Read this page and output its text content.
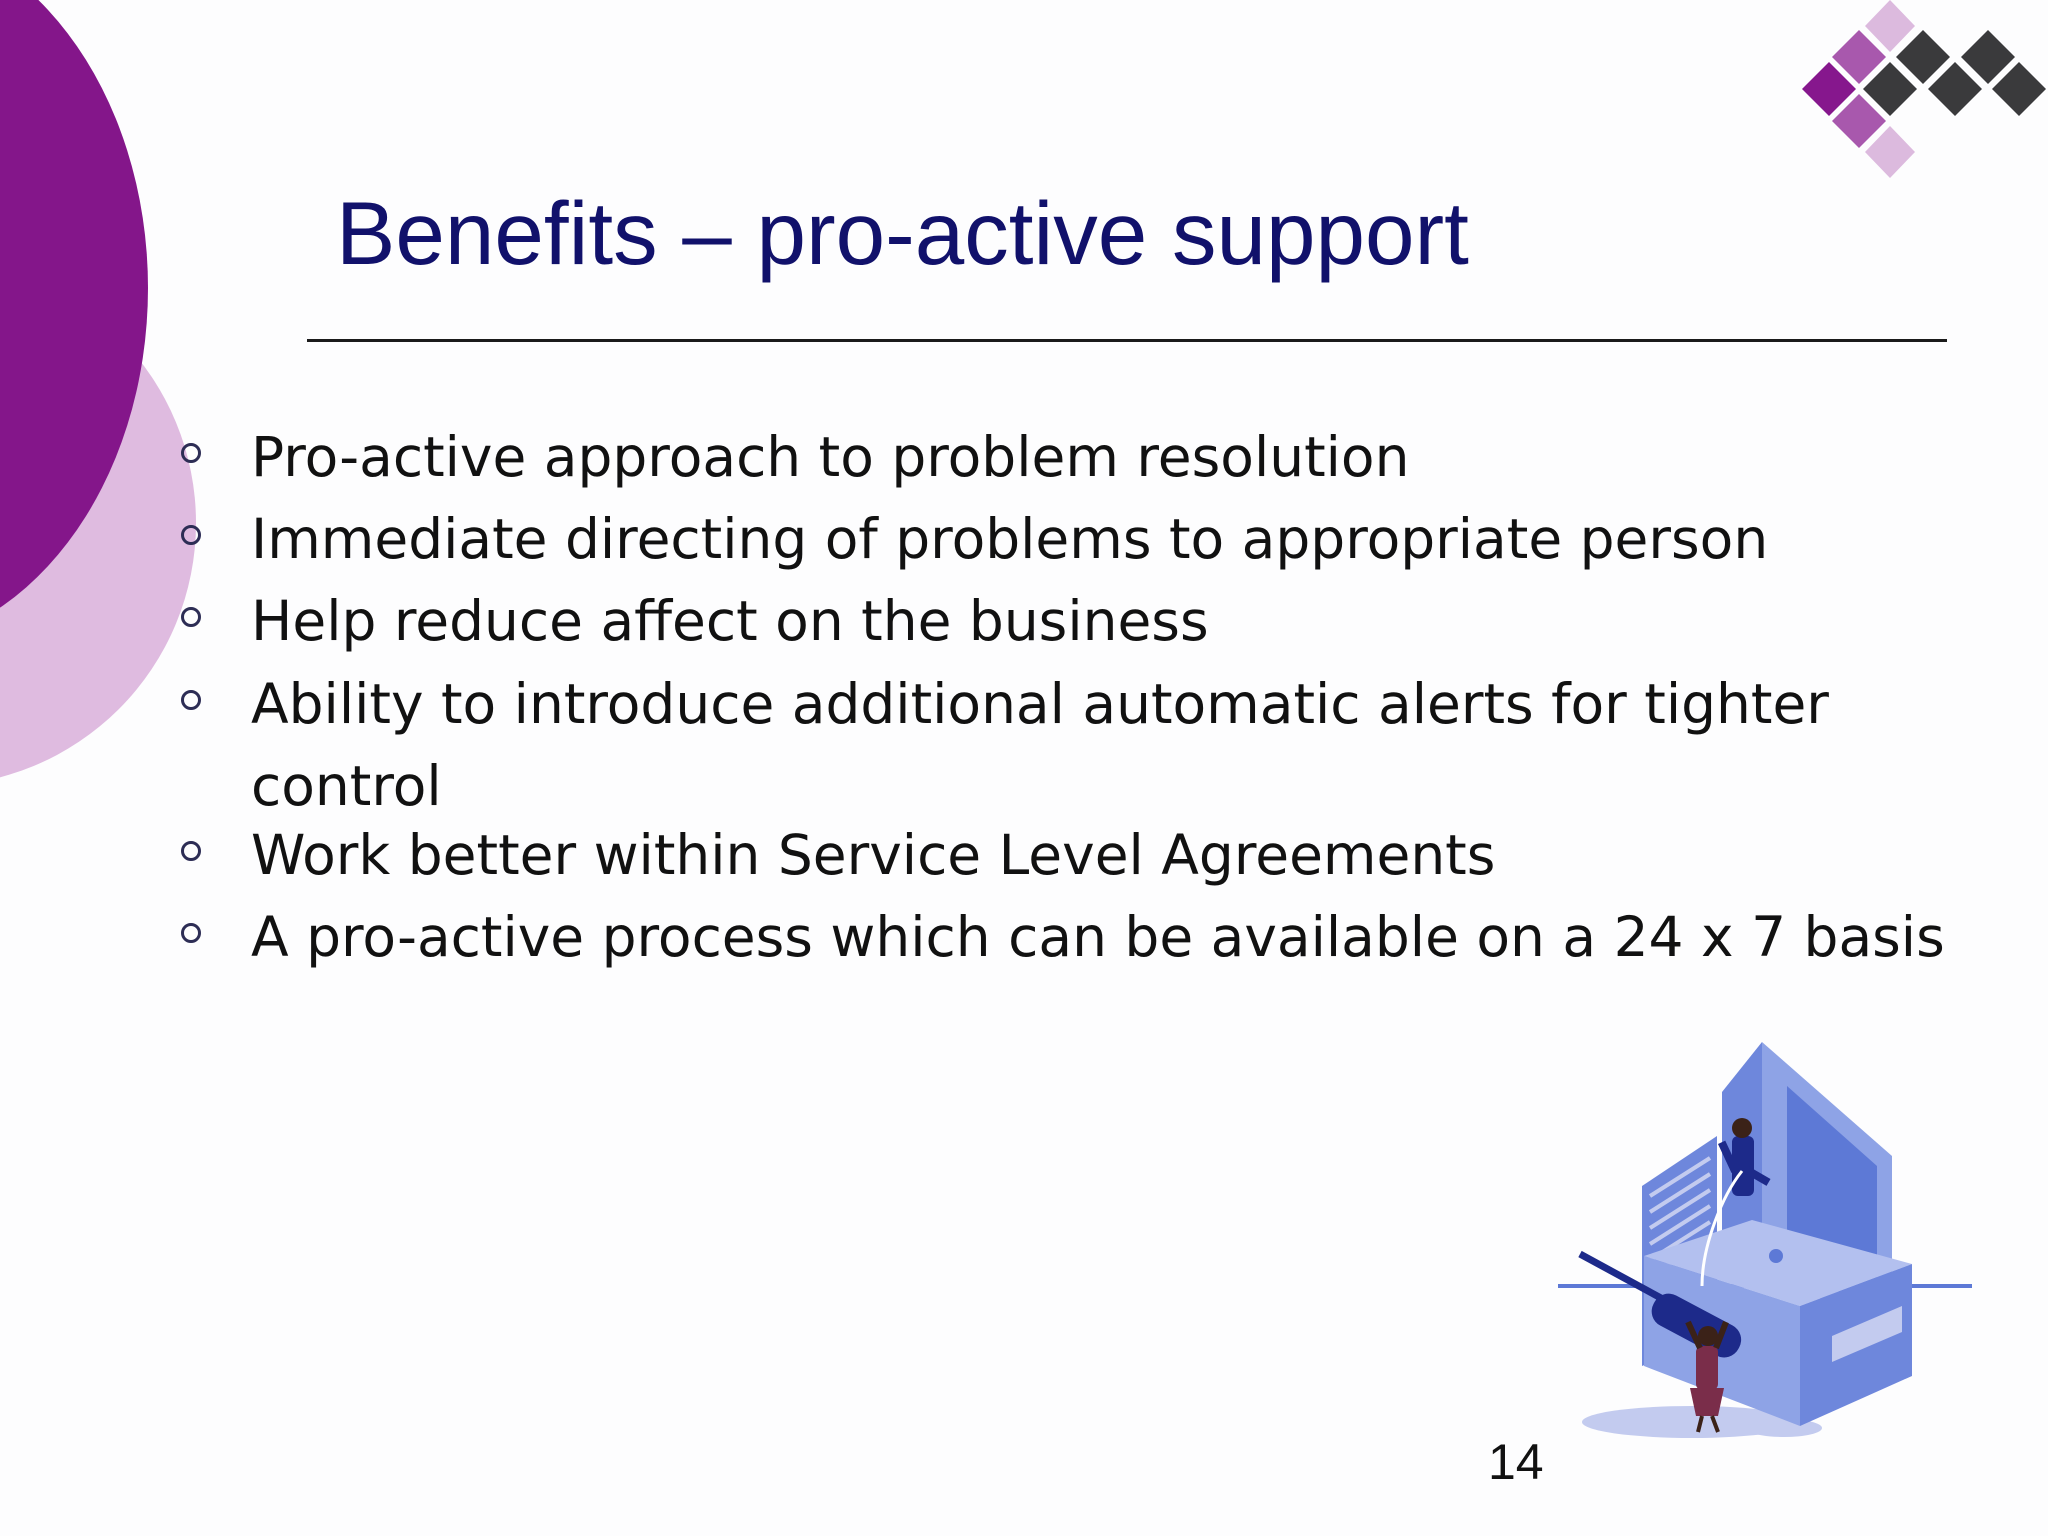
Benefits – pro-active support
Pro-active approach to problem resolution
Immediate directing of problems to appropriate person
Help reduce affect on the business
Ability to introduce additional automatic alerts for tighter control
Work better within Service Level Agreements
A pro-active process which can be available on a 24 x 7 basis
14
